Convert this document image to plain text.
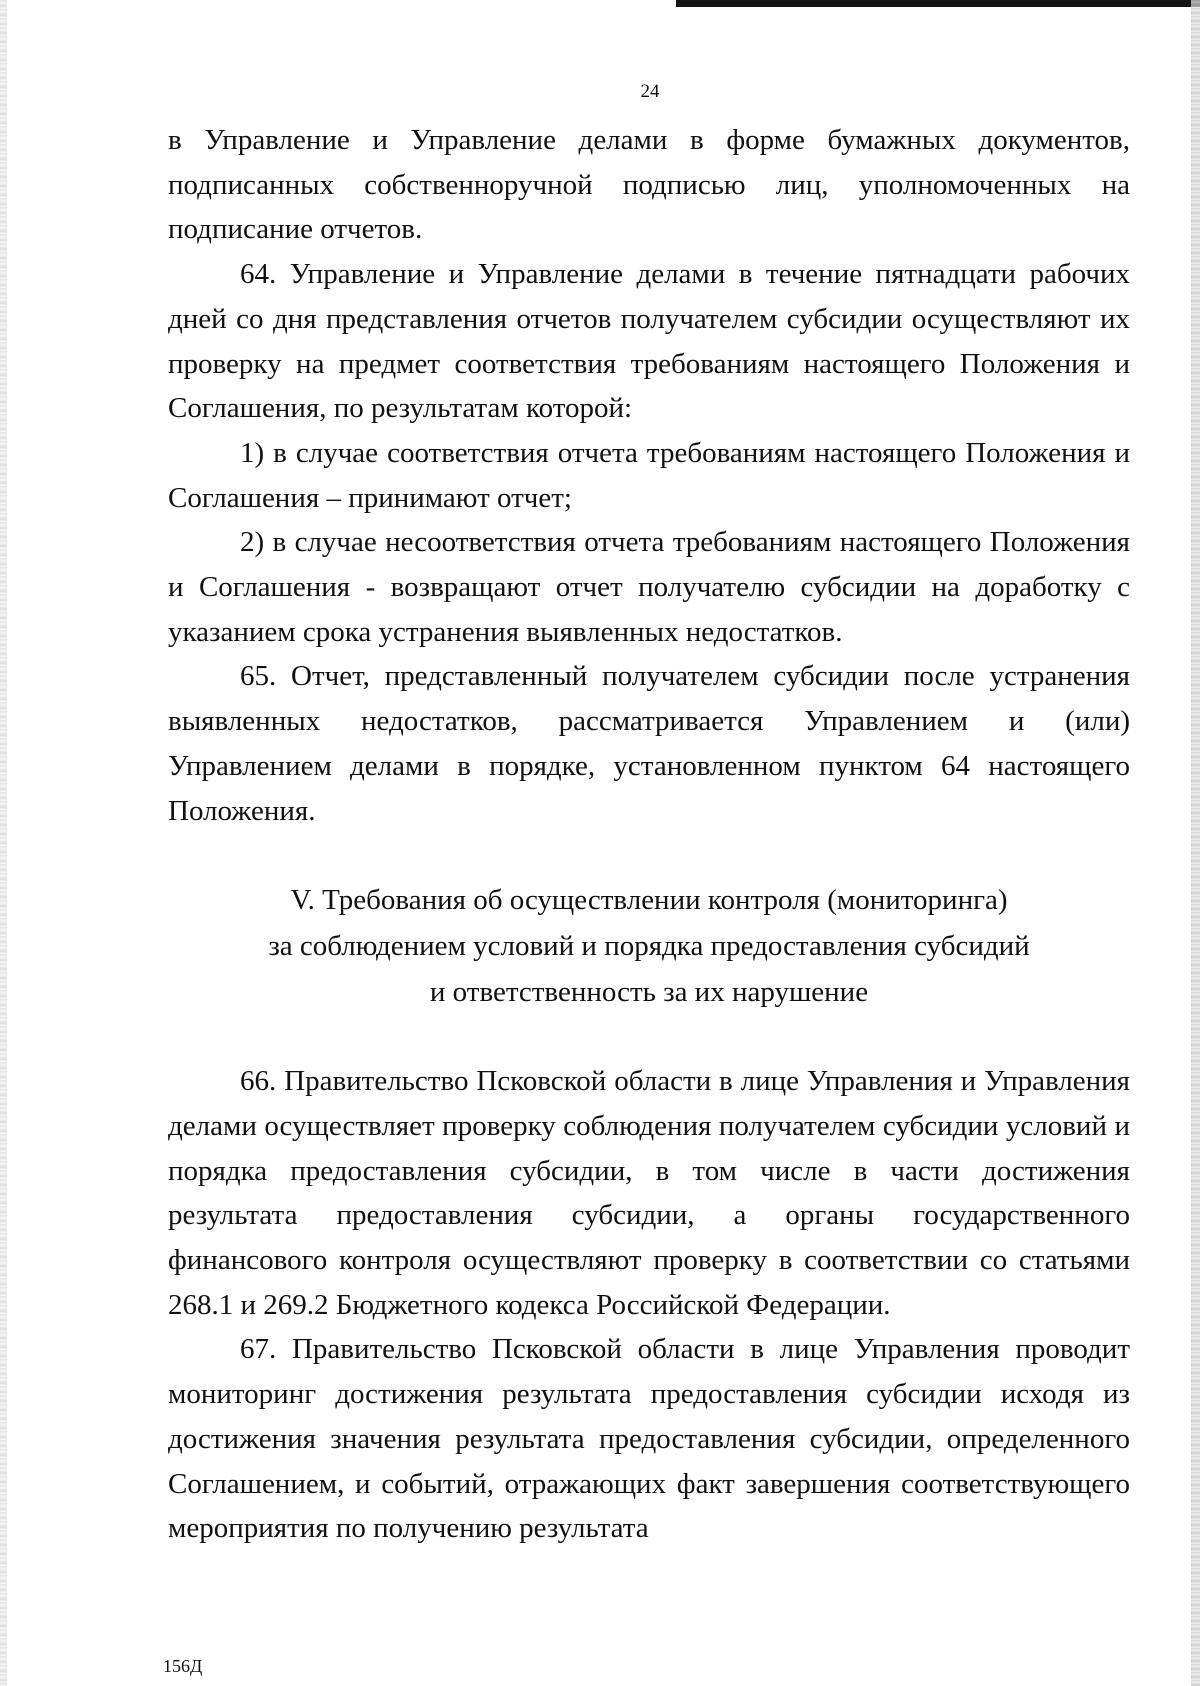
24

в Управление и Управление делами в форме бумажных документов, подписанных собственноручной подписью лиц, уполномоченных на подписание отчетов.

64. Управление и Управление делами в течение пятнадцати рабочих дней со дня представления отчетов получателем субсидии осуществляют их проверку на предмет соответствия требованиям настоящего Положения и Соглашения, по результатам которой:

1) в случае соответствия отчета требованиям настоящего Положения и Соглашения – принимают отчет;

2) в случае несоответствия отчета требованиям настоящего Положения и Соглашения - возвращают отчет получателю субсидии на доработку с указанием срока устранения выявленных недостатков.

65. Отчет, представленный получателем субсидии после устранения выявленных недостатков, рассматривается Управлением и (или) Управлением делами в порядке, установленном пунктом 64 настоящего Положения.

V. Требования об осуществлении контроля (мониторинга)
за соблюдением условий и порядка предоставления субсидий
и ответственность за их нарушение

66. Правительство Псковской области в лице Управления и Управления делами осуществляет проверку соблюдения получателем субсидии условий и порядка предоставления субсидии, в том числе в части достижения результата предоставления субсидии, а органы государственного финансового контроля осуществляют проверку в соответствии со статьями 268.1 и 269.2 Бюджетного кодекса Российской Федерации.

67. Правительство Псковской области в лице Управления проводит мониторинг достижения результата предоставления субсидии исходя из достижения значения результата предоставления субсидии, определенного Соглашением, и событий, отражающих факт завершения соответствующего мероприятия по получению результата

156Д
